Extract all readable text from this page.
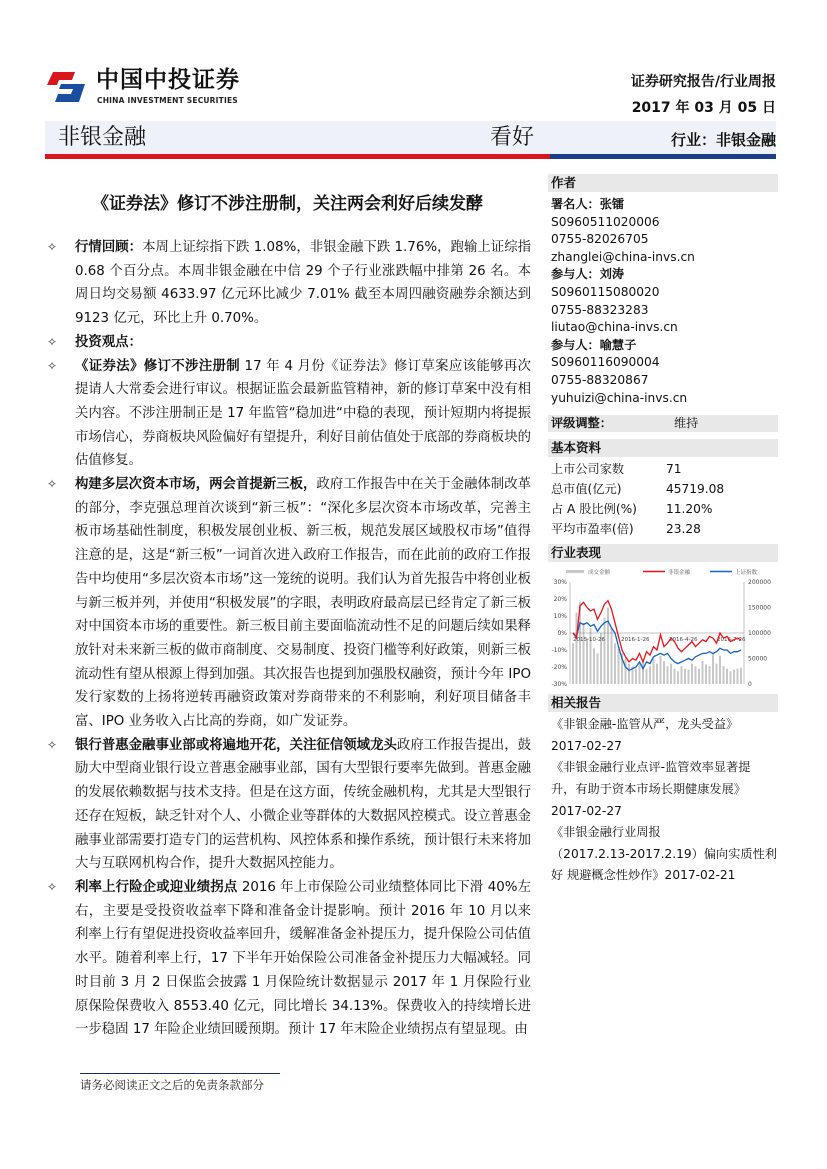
中国中投证券
CHINA INVESTMENT SECURITIES
证券研究报告/行业周报
2017 年 03 月 05 日
非银金融	看好	行业：非银金融
《证券法》修订不涉注册制，关注两会利好后续发酵
✧ 行情回顾：本周上证综指下跌 1.08%，非银金融下跌 1.76%，跑输上证综指 0.68 个百分点。本周非银金融在中信 29 个子行业涨跌幅中排第 26 名。本周日均交易额 4633.97 亿元环比减少 7.01% 截至本周四融资融券余额达到 9123 亿元，环比上升 0.70%。
✧ 投资观点：
✧ 《证券法》修订不涉注册制 17 年 4 月份《证券法》修订草案应该能够再次提请人大常委会进行审议。根据证监会最新监管精神，新的修订草案中没有相关内容。不涉注册制正是 17 年监管“稳加进“中稳的表现，预计短期内将提振市场信心，券商板块风险偏好有望提升，利好目前估值处于底部的券商板块的估值修复。
✧ 构建多层次资本市场，两会首提新三板，政府工作报告中在关于金融体制改革的部分，李克强总理首次谈到“新三板”：“深化多层次资本市场改革，完善主板市场基础性制度，积极发展创业板、新三板，规范发展区域股权市场”值得注意的是，这是“新三板”一词首次进入政府工作报告，而在此前的政府工作报告中均使用“多层次资本市场”这一笼统的说明。我们认为首先报告中将创业板与新三板并列，并使用“积极发展”的字眼，表明政府最高层已经肯定了新三板对中国资本市场的重要性。新三板目前主要面临流动性不足的问题后续如果释放针对未来新三板的做市商制度、交易制度、投资门槛等利好政策，则新三板流动性有望从根源上得到加强。其次报告也提到加强股权融资，预计今年 IPO 发行家数的上扬将逆转再融资政策对券商带来的不利影响，利好项目储备丰富、IPO 业务收入占比高的券商，如广发证券。
✧ 银行普惠金融事业部或将遍地开花，关注征信领域龙头政府工作报告提出，鼓励大中型商业银行设立普惠金融事业部，国有大型银行要率先做到。普惠金融的发展依赖数据与技术支持。但是在这方面，传统金融机构，尤其是大型银行还存在短板，缺乏针对个人、小微企业等群体的大数据风控模式。设立普惠金融事业部需要打造专门的运营机构、风控体系和操作系统，预计银行未来将加大与互联网机构合作，提升大数据风控能力。
✧ 利率上行险企或迎业绩拐点 2016 年上市保险公司业绩整体同比下滑 40%左右，主要是受投资收益率下降和准备金计提影响。预计 2016 年 10 月以来利率上行有望促进投资收益率回升，缓解准备金补提压力，提升保险公司估值水平。随着利率上行，17 下半年开始保险公司准备金补提压力大幅减轻。同时目前 3 月 2 日保监会披露 1 月保险统计数据显示 2017 年 1 月保险行业原保险保费收入 8553.40 亿元，同比增长 34.13%。保费收入的持续增长进一步稳固 17 年险企业绩回暖预期。预计 17 年末险企业绩拐点有望显现。由
请务必阅读正文之后的免责条款部分
作者
署名人：张镭
S0960511020006
0755-82026705
zhanglei@china-invs.cn
参与人：刘涛
S0960115080020
0755-88323283
liutao@china-invs.cn
参与人：喻慧子
S0960116090004
0755-88320867
yuhuizi@china-invs.cn
评级调整：	维持
基本资料
上市公司家数	71
总市值(亿元)	45719.08
占 A 股比例(%)	11.20%
平均市盈率(倍)	23.28
行业表现
成交金额	非银金融	上证指数
30%
20%
10%
0%
-10%
-20%
-30%
200000
150000
100000
50000
0
2015-10-26	2016-1-26	2016-4-26	2016-7-26
相关报告
《非银金融-监管从严，龙头受益》
2017-02-27
《非银金融行业点评-监管效率显著提
升，有助于资本市场长期健康发展》
2017-02-27
《非银金融行业周报
（2017.2.13-2017.2.19）偏向实质性利
好 规避概念性炒作》2017-02-21
